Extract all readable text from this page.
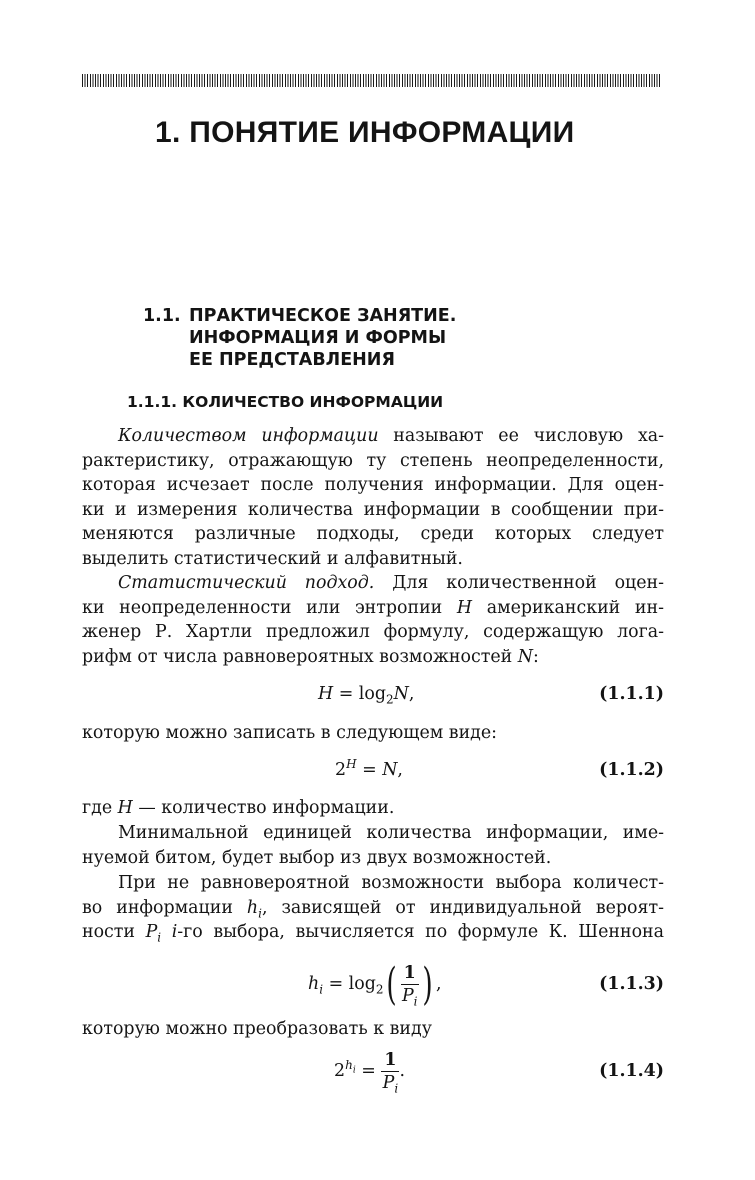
1. ПОНЯТИЕ ИНФОРМАЦИИ
1.1. ПРАКТИЧЕСКОЕ ЗАНЯТИЕ.
ИНФОРМАЦИЯ И ФОРМЫ
ЕЕ ПРЕДСТАВЛЕНИЯ
1.1.1. КОЛИЧЕСТВО ИНФОРМАЦИИ
Количеством информации называют ее числовую ха-
рактеристику, отражающую ту степень неопределенности,
которая исчезает после получения информации. Для оцен-
ки и измерения количества информации в сообщении при-
меняются различные подходы, среди которых следует
выделить статистический и алфавитный.
Статистический подход. Для количественной оцен-
ки неопределенности или энтропии H американский ин-
женер Р. Хартли предложил формулу, содержащую лога-
рифм от числа равновероятных возможностей N:
$H = \log_2N$,	(1.1.1)

которую можно записать в следующем виде:

$2^H = N$,	(1.1.2)

где H — количество информации.

Минимальной единицей количества информации, име-
нуемой битом, будет выбор из двух возможностей.
При не равновероятной возможности выбора количест-
во информации $h_i$, зависящей от индивидуальной вероят-
ности $P_i$ i-го выбора, вычисляется по формуле К. Шеннона
$h_i = \log_2( \frac{1}{P_i}$ ) ,	(1.1.3)

которую можно преобразовать к виду

$2^{h_i} = \frac{1}{P_i}$ .	(1.1.4)
